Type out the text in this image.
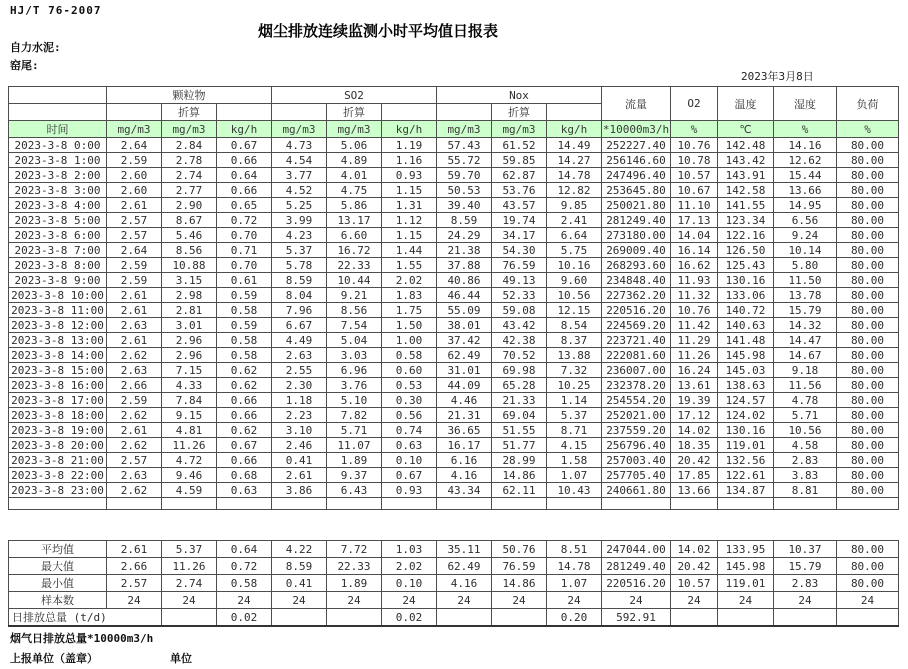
HJ/T 76-2007
烟尘排放连续监测小时平均值日报表
自力水泥:
窑尾:
2023年3月8日
	颗粒物			SO2			Nox			流量	O2	温度	湿度	负荷
		折算			折算			折算						
时间	mg/m3	mg/m3	kg/h	mg/m3	mg/m3	kg/h	mg/m3	mg/m3	kg/h	*10000m3/h	%	℃	%	%
2023-3-8 0:00	2.64	2.84	0.67	4.73	5.06	1.19	57.43	61.52	14.49	252227.40	10.76	142.48	14.16	80.00
2023-3-8 1:00	2.59	2.78	0.66	4.54	4.89	1.16	55.72	59.85	14.27	256146.60	10.78	143.42	12.62	80.00
2023-3-8 2:00	2.60	2.74	0.64	3.77	4.01	0.93	59.70	62.87	14.78	247496.40	10.57	143.91	15.44	80.00
2023-3-8 3:00	2.60	2.77	0.66	4.52	4.75	1.15	50.53	53.76	12.82	253645.80	10.67	142.58	13.66	80.00
2023-3-8 4:00	2.61	2.90	0.65	5.25	5.86	1.31	39.40	43.57	9.85	250021.80	11.10	141.55	14.95	80.00
2023-3-8 5:00	2.57	8.67	0.72	3.99	13.17	1.12	8.59	19.74	2.41	281249.40	17.13	123.34	6.56	80.00
2023-3-8 6:00	2.57	5.46	0.70	4.23	6.60	1.15	24.29	34.17	6.64	273180.00	14.04	122.16	9.24	80.00
2023-3-8 7:00	2.64	8.56	0.71	5.37	16.72	1.44	21.38	54.30	5.75	269009.40	16.14	126.50	10.14	80.00
2023-3-8 8:00	2.59	10.88	0.70	5.78	22.33	1.55	37.88	76.59	10.16	268293.60	16.62	125.43	5.80	80.00
2023-3-8 9:00	2.59	3.15	0.61	8.59	10.44	2.02	40.86	49.13	9.60	234848.40	11.93	130.16	11.50	80.00
2023-3-8 10:00	2.61	2.98	0.59	8.04	9.21	1.83	46.44	52.33	10.56	227362.20	11.32	133.06	13.78	80.00
2023-3-8 11:00	2.61	2.81	0.58	7.96	8.56	1.75	55.09	59.08	12.15	220516.20	10.76	140.72	15.79	80.00
2023-3-8 12:00	2.63	3.01	0.59	6.67	7.54	1.50	38.01	43.42	8.54	224569.20	11.42	140.63	14.32	80.00
2023-3-8 13:00	2.61	2.96	0.58	4.49	5.04	1.00	37.42	42.38	8.37	223721.40	11.29	141.48	14.47	80.00
2023-3-8 14:00	2.62	2.96	0.58	2.63	3.03	0.58	62.49	70.52	13.88	222081.60	11.26	145.98	14.67	80.00
2023-3-8 15:00	2.63	7.15	0.62	2.55	6.96	0.60	31.01	69.98	7.32	236007.00	16.24	145.03	9.18	80.00
2023-3-8 16:00	2.66	4.33	0.62	2.30	3.76	0.53	44.09	65.28	10.25	232378.20	13.61	138.63	11.56	80.00
2023-3-8 17:00	2.59	7.84	0.66	1.18	5.10	0.30	4.46	21.33	1.14	254554.20	19.39	124.57	4.78	80.00
2023-3-8 18:00	2.62	9.15	0.66	2.23	7.82	0.56	21.31	69.04	5.37	252021.00	17.12	124.02	5.71	80.00
2023-3-8 19:00	2.61	4.81	0.62	3.10	5.71	0.74	36.65	51.55	8.71	237559.20	14.02	130.16	10.56	80.00
2023-3-8 20:00	2.62	11.26	0.67	2.46	11.07	0.63	16.17	51.77	4.15	256796.40	18.35	119.01	4.58	80.00
2023-3-8 21:00	2.57	4.72	0.66	0.41	1.89	0.10	6.16	28.99	1.58	257003.40	20.42	132.56	2.83	80.00
2023-3-8 22:00	2.63	9.46	0.68	2.61	9.37	0.67	4.16	14.86	1.07	257705.40	17.85	122.61	3.83	80.00
2023-3-8 23:00	2.62	4.59	0.63	3.86	6.43	0.93	43.34	62.11	10.43	240661.80	13.66	134.87	8.81	80.00

平均值	2.61	5.37	0.64	4.22	7.72	1.03	35.11	50.76	8.51	247044.00	14.02	133.95	10.37	80.00
最大值	2.66	11.26	0.72	8.59	22.33	2.02	62.49	76.59	14.78	281249.40	20.42	145.98	15.79	80.00
最小值	2.57	2.74	0.58	0.41	1.89	0.10	4.16	14.86	1.07	220516.20	10.57	119.01	2.83	80.00
样本数	24	24	24	24	24	24	24	24	24	24	24	24	24	24
日排放总量 (t/d)			0.02			0.02			0.20	592.91				
烟气日排放总量*10000m3/h
上报单位（盖章）	单位
